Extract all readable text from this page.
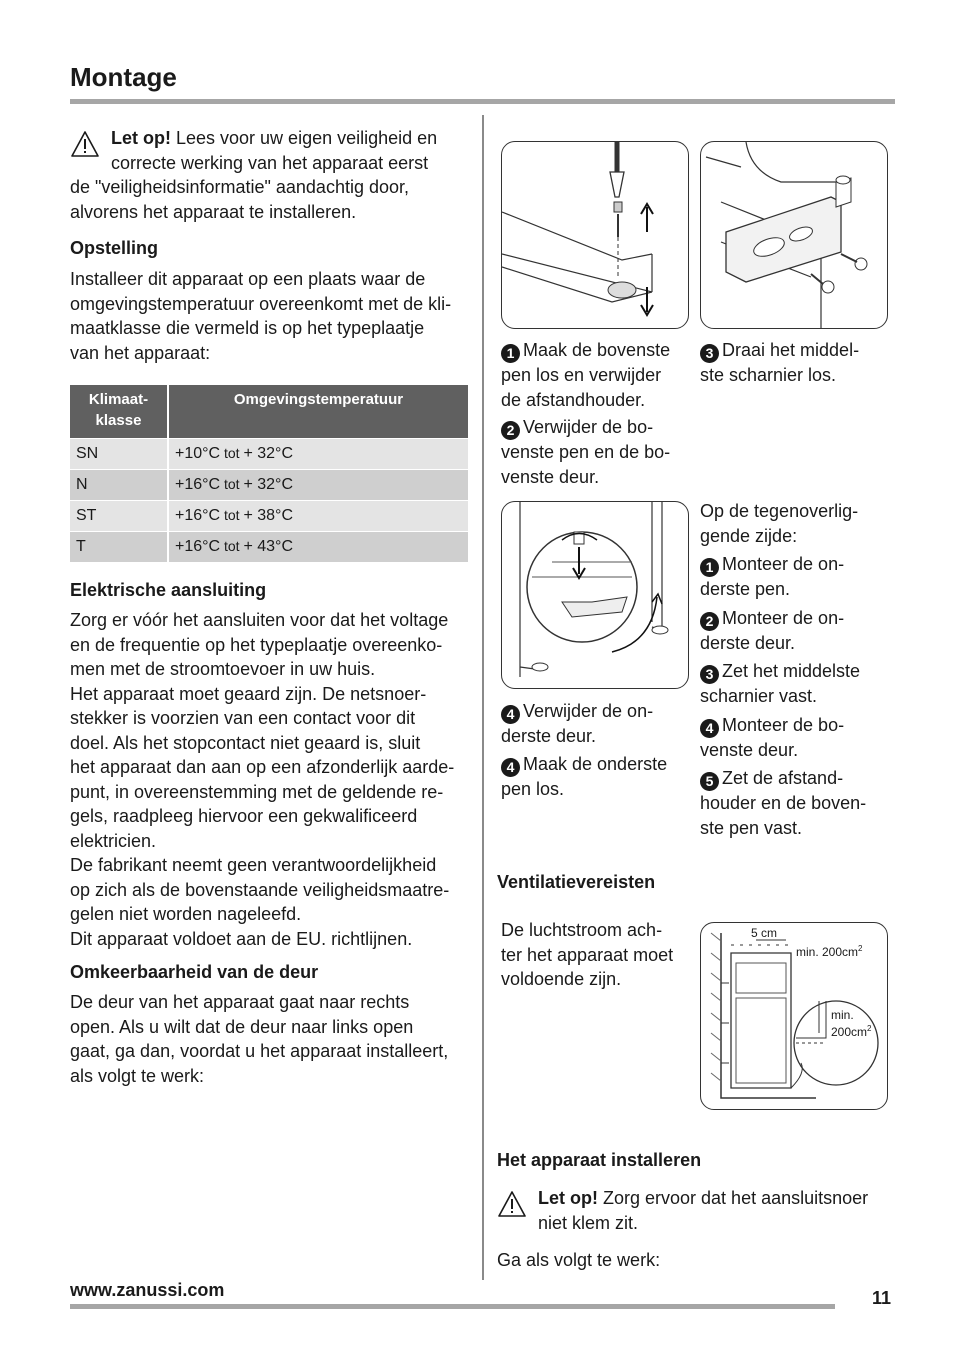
Montage
Let op! Lees voor uw eigen veiligheid en
correcte werking van het apparaat eerst
de "veiligheidsinformatie" aandachtig door,
alvorens het apparaat te installeren.
Opstelling
Installeer dit apparaat op een plaats waar de
omgevingstemperatuur overeenkomt met de kli-
maatklasse die vermeld is op het typeplaatje
van het apparaat:
Klimaat-
klasse	Omgevingstemperatuur
SN	+10°C tot + 32°C
N	+16°C tot + 32°C
ST	+16°C tot + 38°C
T	+16°C tot + 43°C
Elektrische aansluiting
Zorg er vóór het aansluiten voor dat het voltage
en de frequentie op het typeplaatje overeenko-
men met de stroomtoevoer in uw huis.
Het apparaat moet geaard zijn. De netsnoer-
stekker is voorzien van een contact voor dit
doel. Als het stopcontact niet geaard is, sluit
het apparaat dan aan op een afzonderlijk aarde-
punt, in overeenstemming met de geldende re-
gels, raadpleeg hiervoor een gekwalificeerd
elektricien.
De fabrikant neemt geen verantwoordelijkheid
op zich als de bovenstaande veiligheidsmaatre-
gelen niet worden nageleefd.
Dit apparaat voldoet aan de EU. richtlijnen.
Omkeerbaarheid van de deur
De deur van het apparaat gaat naar rechts
open. Als u wilt dat de deur naar links open
gaat, ga dan, voordat u het apparaat installeert,
als volgt te werk:
1 Maak de bovenste
pen los en verwijder
de afstandhouder.
2 Verwijder de bo-
venste pen en de bo-
venste deur.
3 Draai het middel-
ste scharnier los.
4 Verwijder de on-
derste deur.
4 Maak de onderste
pen los.
Op de tegenoverlig-
gende zijde:
1 Monteer de on-
derste pen.
2 Monteer de on-
derste deur.
3 Zet het middelste
scharnier vast.
4 Monteer de bo-
venste deur.
5 Zet de afstand-
houder en de boven-
ste pen vast.
Ventilatievereisten
De luchtstroom ach-
ter het apparaat moet
voldoende zijn.
5 cm
min. $200cm^2$
min.
$200cm^2$
Het apparaat installeren
Let op! Zorg ervoor dat het aansluitsnoer
niet klem zit.
Ga als volgt te werk:
www.zanussi.com	11
